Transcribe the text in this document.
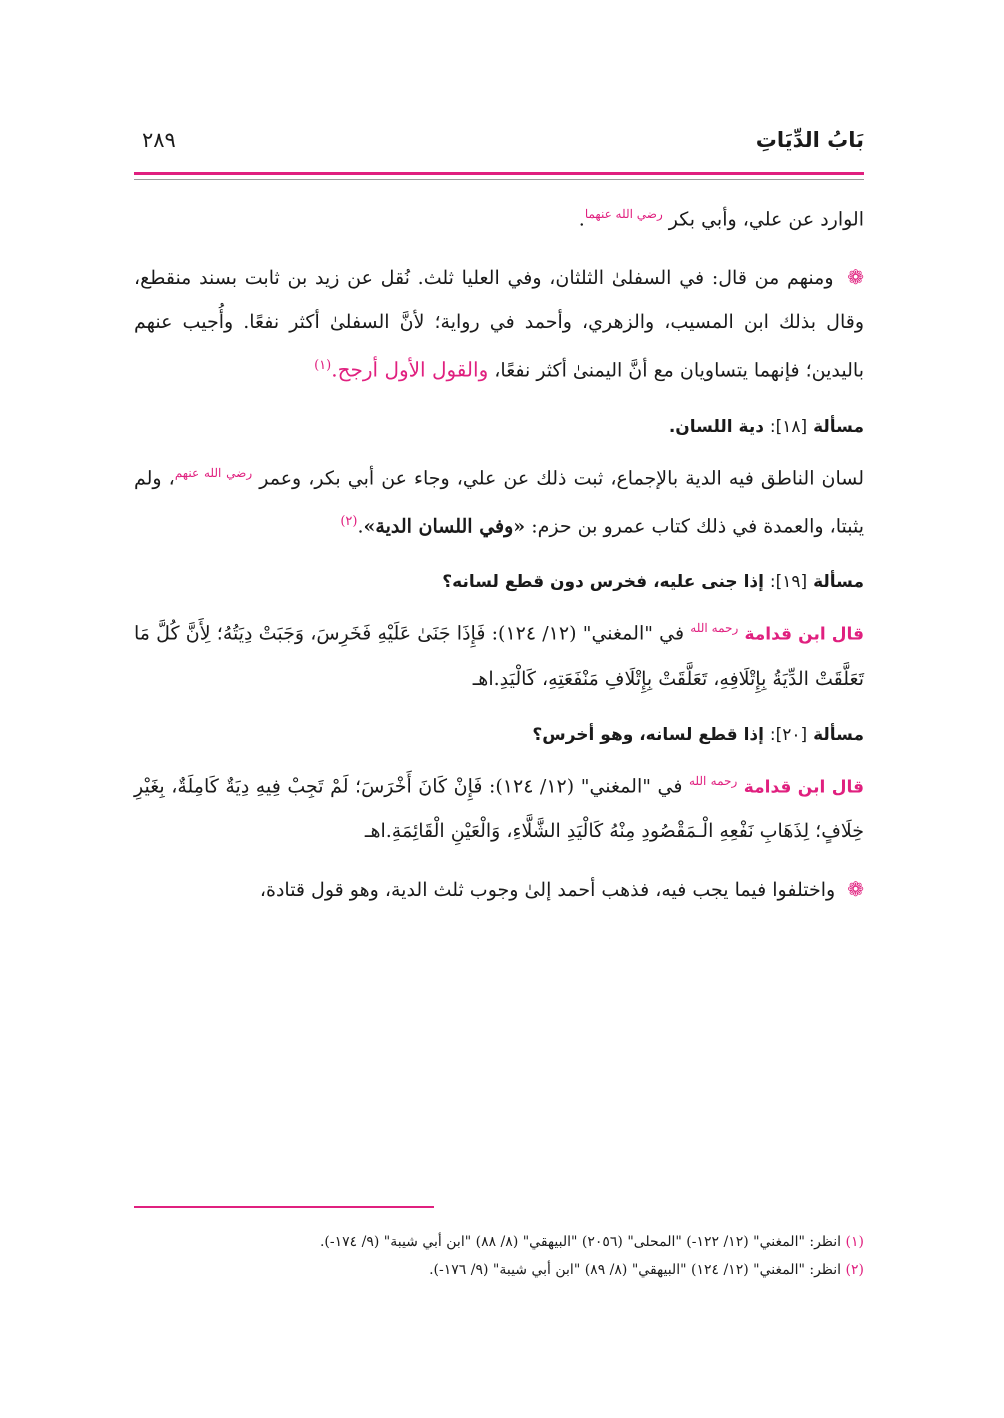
بَابُ الدِّيَاتِ
٢٨٩

الوارد عن علي، وأبي بكر $^{رضي الله عنهما}$.

❁ ومنهم من قال: في السفلىٰ الثلثان، وفي العليا ثلث. نُقل عن زيد بن ثابت بسند منقطع، وقال بذلك ابن المسيب، والزهري، وأحمد في رواية؛ لأنَّ السفلىٰ أكثر نفعًا. وأُجيب عنهم باليدين؛ فإنهما يتساويان مع أنَّ اليمنىٰ أكثر نفعًا، والقول الأول أرجح.$^{(١)}$

مسألة [١٨]: دية اللسان.

لسان الناطق فيه الدية بالإجماع، ثبت ذلك عن علي، وجاء عن أبي بكر، وعمر $^{رضي الله عنهم}$، ولم يثبتا، والعمدة في ذلك كتاب عمرو بن حزم: «وفي اللسان الدية».$^{(٢)}$

مسألة [١٩]: إذا جنى عليه، فخرس دون قطع لسانه؟

قال ابن قدامة $^{رحمه الله}$ في "المغني" (١٢/ ١٢٤): فَإِذَا جَنَىٰ عَلَيْهِ فَخَرِسَ، وَجَبَتْ دِيَتُهُ؛ لِأَنَّ كُلَّ مَا تَعَلَّقَتْ الدِّيَةُ بِإِتْلَافِهِ، تَعَلَّقَتْ بِإِتْلَافِ مَنْفَعَتِهِ، كَالْيَدِ.اهـ

مسألة [٢٠]: إذا قطع لسانه، وهو أخرس؟

قال ابن قدامة $^{رحمه الله}$ في "المغني" (١٢/ ١٢٤): فَإِنْ كَانَ أَخْرَسَ؛ لَمْ تَجِبْ فِيهِ دِيَةٌ كَامِلَةٌ، بِغَيْرِ خِلَافٍ؛ لِذَهَابِ نَفْعِهِ الْـمَقْصُودِ مِنْهُ كَالْيَدِ الشَّلَّاءِ، وَالْعَيْنِ الْقَائِمَةِ.اهـ

❁ واختلفوا فيما يجب فيه، فذهب أحمد إلىٰ وجوب ثلث الدية، وهو قول قتادة،

(١) انظر: "المغني" (١٢/ ١٢٢-) "المحلى" (٢٠٥٦) "البيهقي" (٨/ ٨٨) "ابن أبي شيبة" (٩/ ١٧٤-).

(٢) انظر: "المغني" (١٢/ ١٢٤) "البيهقي" (٨/ ٨٩) "ابن أبي شيبة" (٩/ ١٧٦-).
